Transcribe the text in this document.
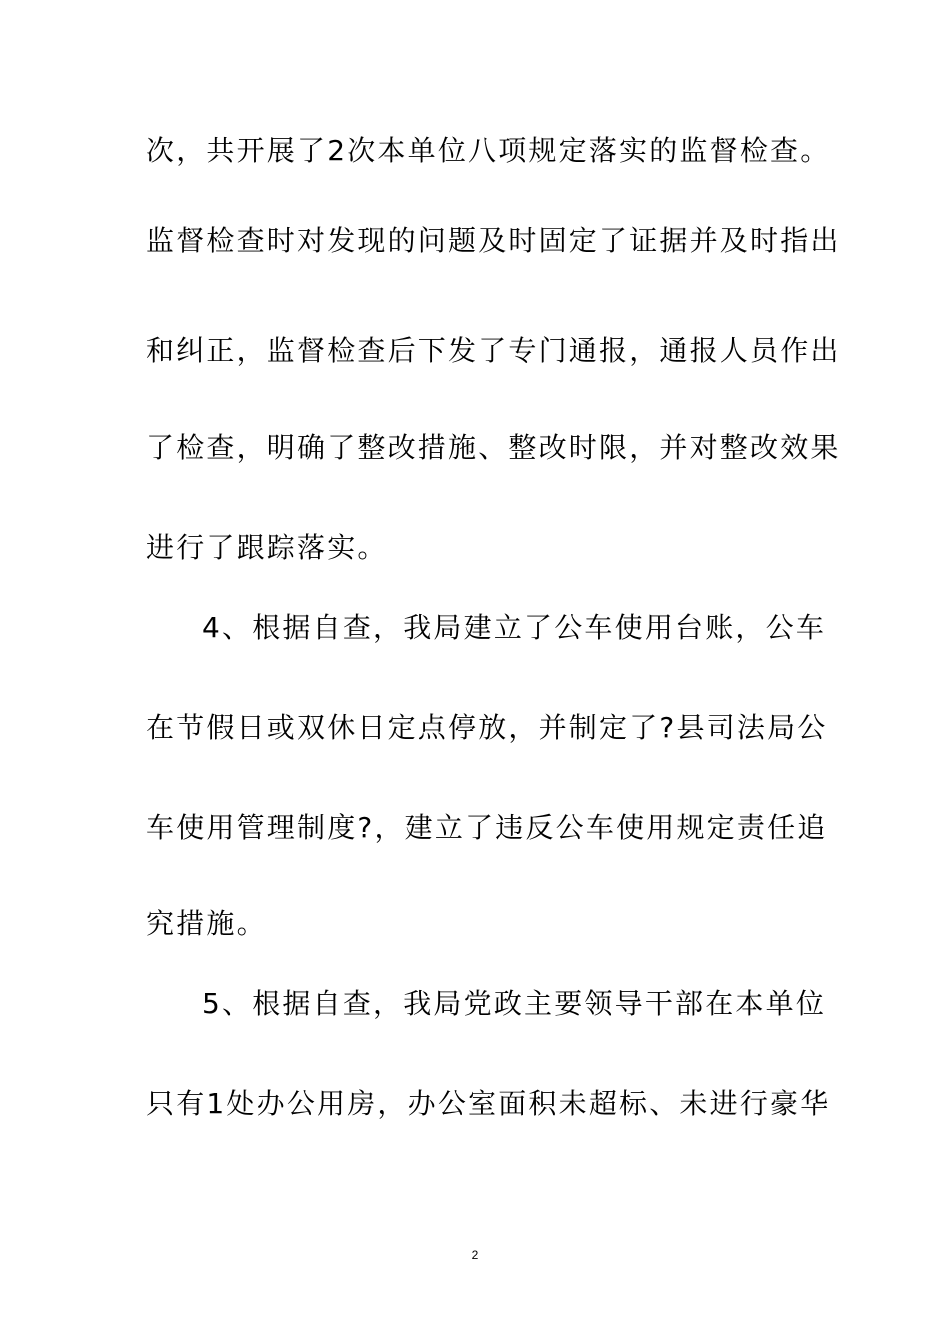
次，共开展了2次本单位八项规定落实的监督检查。
监督检查时对发现的问题及时固定了证据并及时指出
和纠正，监督检查后下发了专门通报，通报人员作出
了检查，明确了整改措施、整改时限，并对整改效果
进行了跟踪落实。
4、根据自查，我局建立了公车使用台账，公车
在节假日或双休日定点停放，并制定了?县司法局公
车使用管理制度?，建立了违反公车使用规定责任追
究措施。
5、根据自查，我局党政主要领导干部在本单位
只有1处办公用房，办公室面积未超标、未进行豪华
2
